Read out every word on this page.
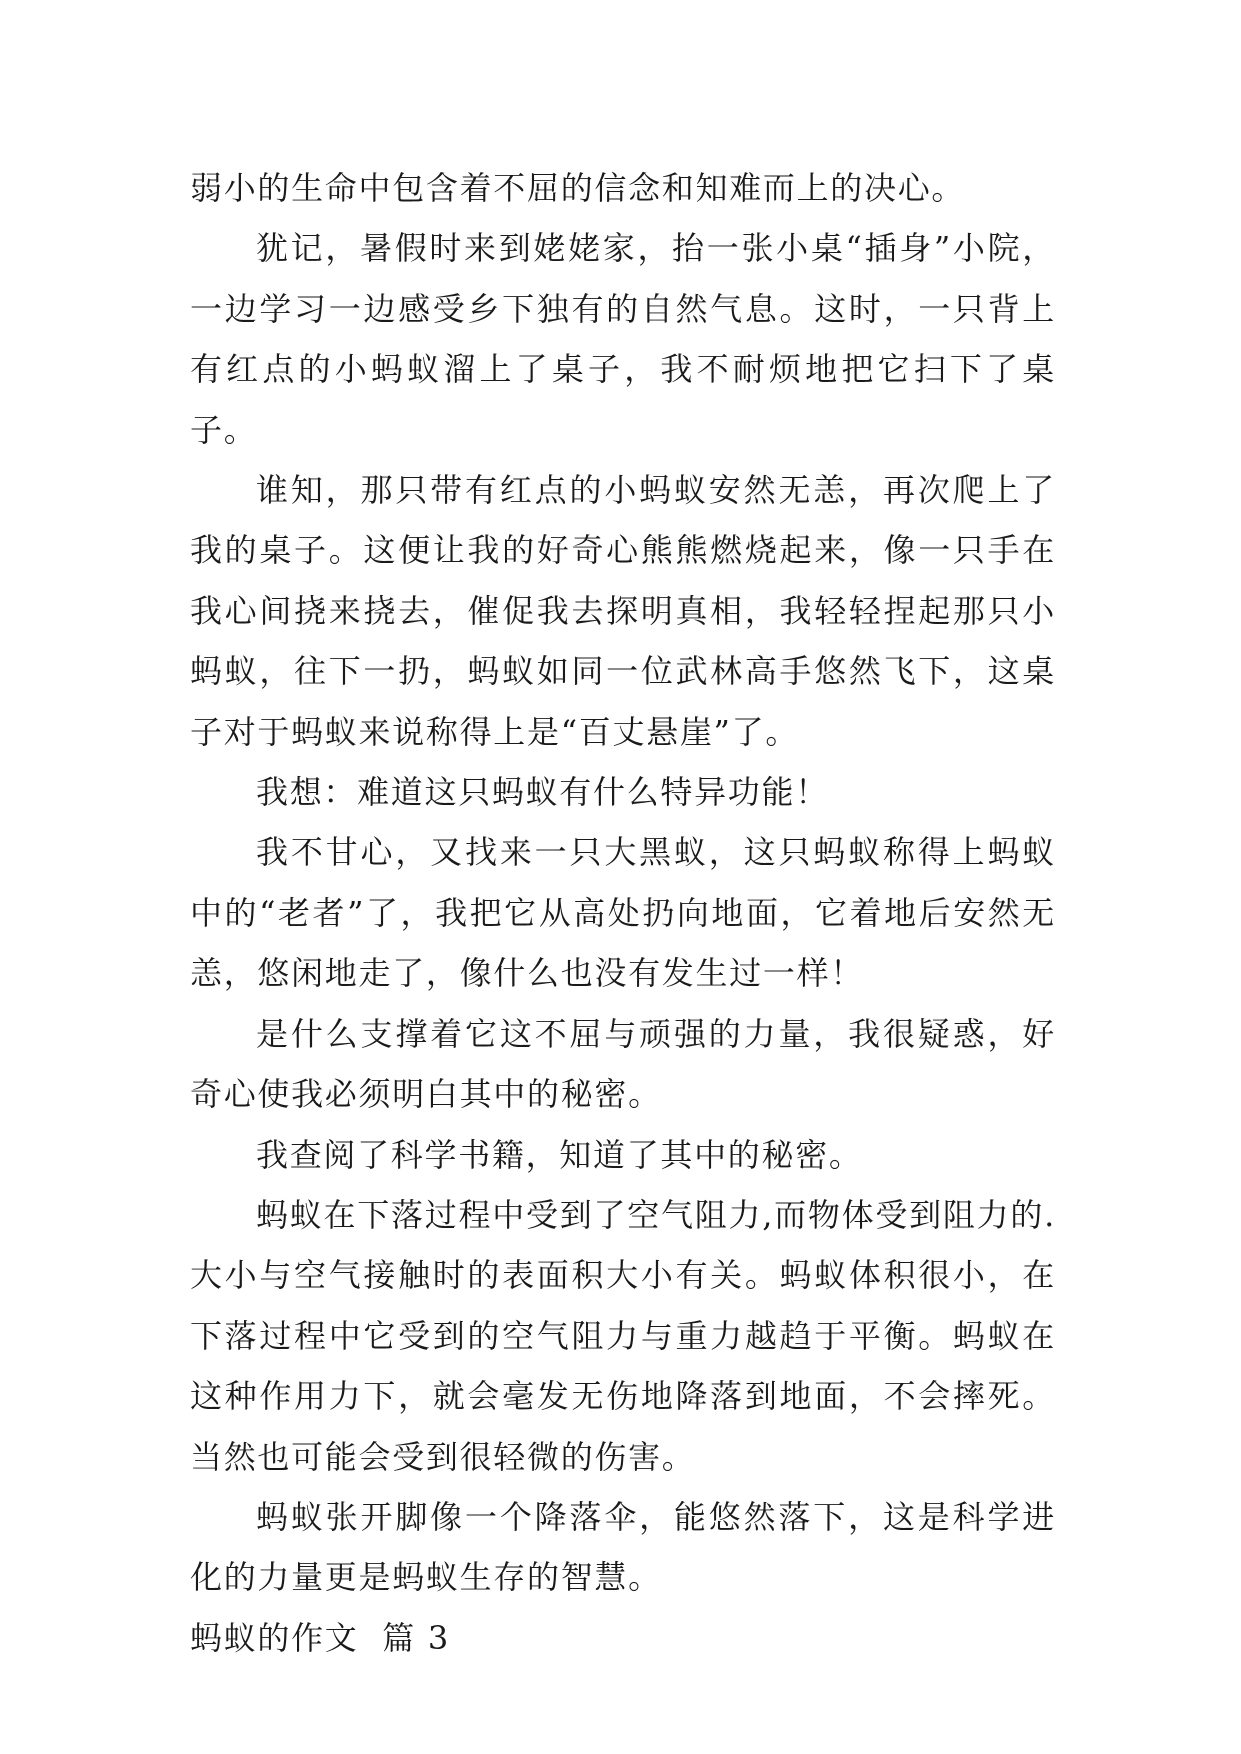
弱小的生命中包含着不屈的信念和知难而上的决心。

犹记，暑假时来到姥姥家，抬一张小桌“插身”小院，一边学习一边感受乡下独有的自然气息。这时，一只背上有红点的小蚂蚁溜上了桌子，我不耐烦地把它扫下了桌子。

谁知，那只带有红点的小蚂蚁安然无恙，再次爬上了我的桌子。这便让我的好奇心熊熊燃烧起来，像一只手在我心间挠来挠去，催促我去探明真相，我轻轻捏起那只小蚂蚁，往下一扔，蚂蚁如同一位武林高手悠然飞下，这桌子对于蚂蚁来说称得上是“百丈悬崖”了。

我想：难道这只蚂蚁有什么特异功能！

我不甘心，又找来一只大黑蚁，这只蚂蚁称得上蚂蚁中的“老者”了，我把它从高处扔向地面，它着地后安然无恙，悠闲地走了，像什么也没有发生过一样！

是什么支撑着它这不屈与顽强的力量，我很疑惑，好奇心使我必须明白其中的秘密。

我查阅了科学书籍，知道了其中的秘密。

蚂蚁在下落过程中受到了空气阻力,而物体受到阻力的.大小与空气接触时的表面积大小有关。蚂蚁体积很小，在下落过程中它受到的空气阻力与重力越趋于平衡。蚂蚁在这种作用力下，就会毫发无伤地降落到地面，不会摔死。当然也可能会受到很轻微的伤害。

蚂蚁张开脚像一个降落伞，能悠然落下，这是科学进化的力量更是蚂蚁生存的智慧。

蚂蚁的作文  篇 3
